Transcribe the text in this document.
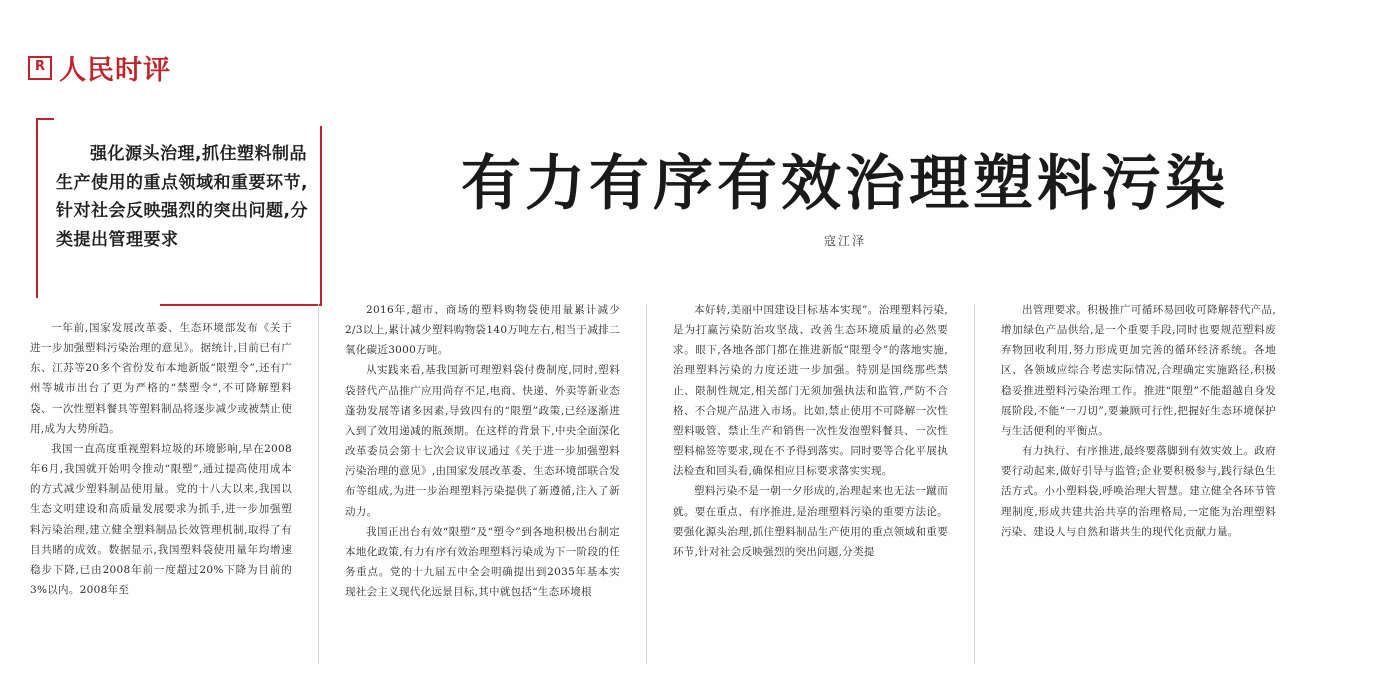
R 人民时评
有力有序有效治理塑料污染
寇江泽
强化源头治理,抓住塑料制品生产使用的重点领域和重要环节,针对社会反映强烈的突出问题,分类提出管理要求

一年前,国家发展改革委、生态环境部发布《关于进一步加强塑料污染治理的意见》。据统计,目前已有广东、江苏等20多个省份发布本地新版“限塑令”,还有广州等城市出台了更为严格的“禁塑令”,不可降解塑料袋、一次性塑料餐具等塑料制品将逐步减少或被禁止使用,成为大势所趋。

我国一直高度重视塑料垃圾的环境影响,早在2008年6月,我国就开始明令推动“限塑”,通过提高使用成本的方式减少塑料制品使用量。党的十八大以来,我国以生态文明建设和高质量发展要求为抓手,进一步加强塑料污染治理,建立健全塑料制品长效管理机制,取得了有目共睹的成效。数据显示,我国塑料袋使用量年均增速稳步下降,已由2008年前一度超过20%下降为目前的3%以内。2008年至

2016年,超市、商场的塑料购物袋使用量累计减少2/3以上,累计减少塑料购物袋140万吨左右,相当于减排二氧化碳近3000万吨。

从实践来看,基我国新可理塑料袋付费制度,同时,塑料袋替代产品推广应用尚存不足,电商、快递、外卖等新业态蓬勃发展等诸多因素,导致四有的“限塑”政策,已经逐渐进入到了效用递减的瓶颈期。在这样的背景下,中央全面深化改革委员会第十七次会议审议通过《关于进一步加强塑料污染治理的意见》,由国家发展改革委、生态环境部联合发布等组成,为进一步治理塑料污染提供了新遵循,注入了新动力。

我国正出台有效“限塑”及“塑令”到各地积极出台制定本地化政策,有力有序有效治理塑料污染成为下一阶段的任务重点。党的十九届五中全会明确提出到2035年基本实现社会主义现代化远景目标,其中就包括“生态环境根

本好转,美丽中国建设目标基本实现”。治理塑料污染,是为打赢污染防治攻坚战、改善生态环境质量的必然要求。眼下,各地各部门都在推进新版“限塑令”的落地实施,治理塑料污染的力度还进一步加强。特别是国绕那些禁止、限制性规定,相关部门无须加强执法和监管,严防不合格、不合规产品进入市场。比如,禁止使用不可降解一次性塑料吸管、禁止生产和销售一次性发泡塑料餐具、一次性塑料棉签等要求,现在不予得到落实。同时要等合化平展执法检查和回头看,确保相应目标要求落实实现。

塑料污染不是一朝一夕形成的,治理起来也无法一蹴而就。要在重点、有序推进,是治理塑料污染的重要方法论。要强化源头治理,抓住塑料制品生产使用的重点领域和重要环节,针对社会反映强烈的突出问题,分类提

出管理要求。积极推广可循环易回收可降解替代产品,增加绿色产品供给,是一个重要手段,同时也要规范塑料废弃物回收利用,努力形成更加完善的循环经济系统。各地区、各领域应综合考虑实际情况,合理确定实施路径,积极稳妥推进塑料污染治理工作。推进“限塑”不能超越自身发展阶段,不能“一刀切”,要兼顾可行性,把握好生态环境保护与生活便利的平衡点。

有力执行、有序推进,最终要落脚到有效实效上。政府要行动起来,做好引导与监管;企业要积极参与,践行绿色生活方式。小小塑料袋,呼唤治理大智慧。建立健全各环节管理制度,形成共建共治共享的治理格局,一定能为治理塑料污染、建设人与自然和谐共生的现代化贡献力量。
